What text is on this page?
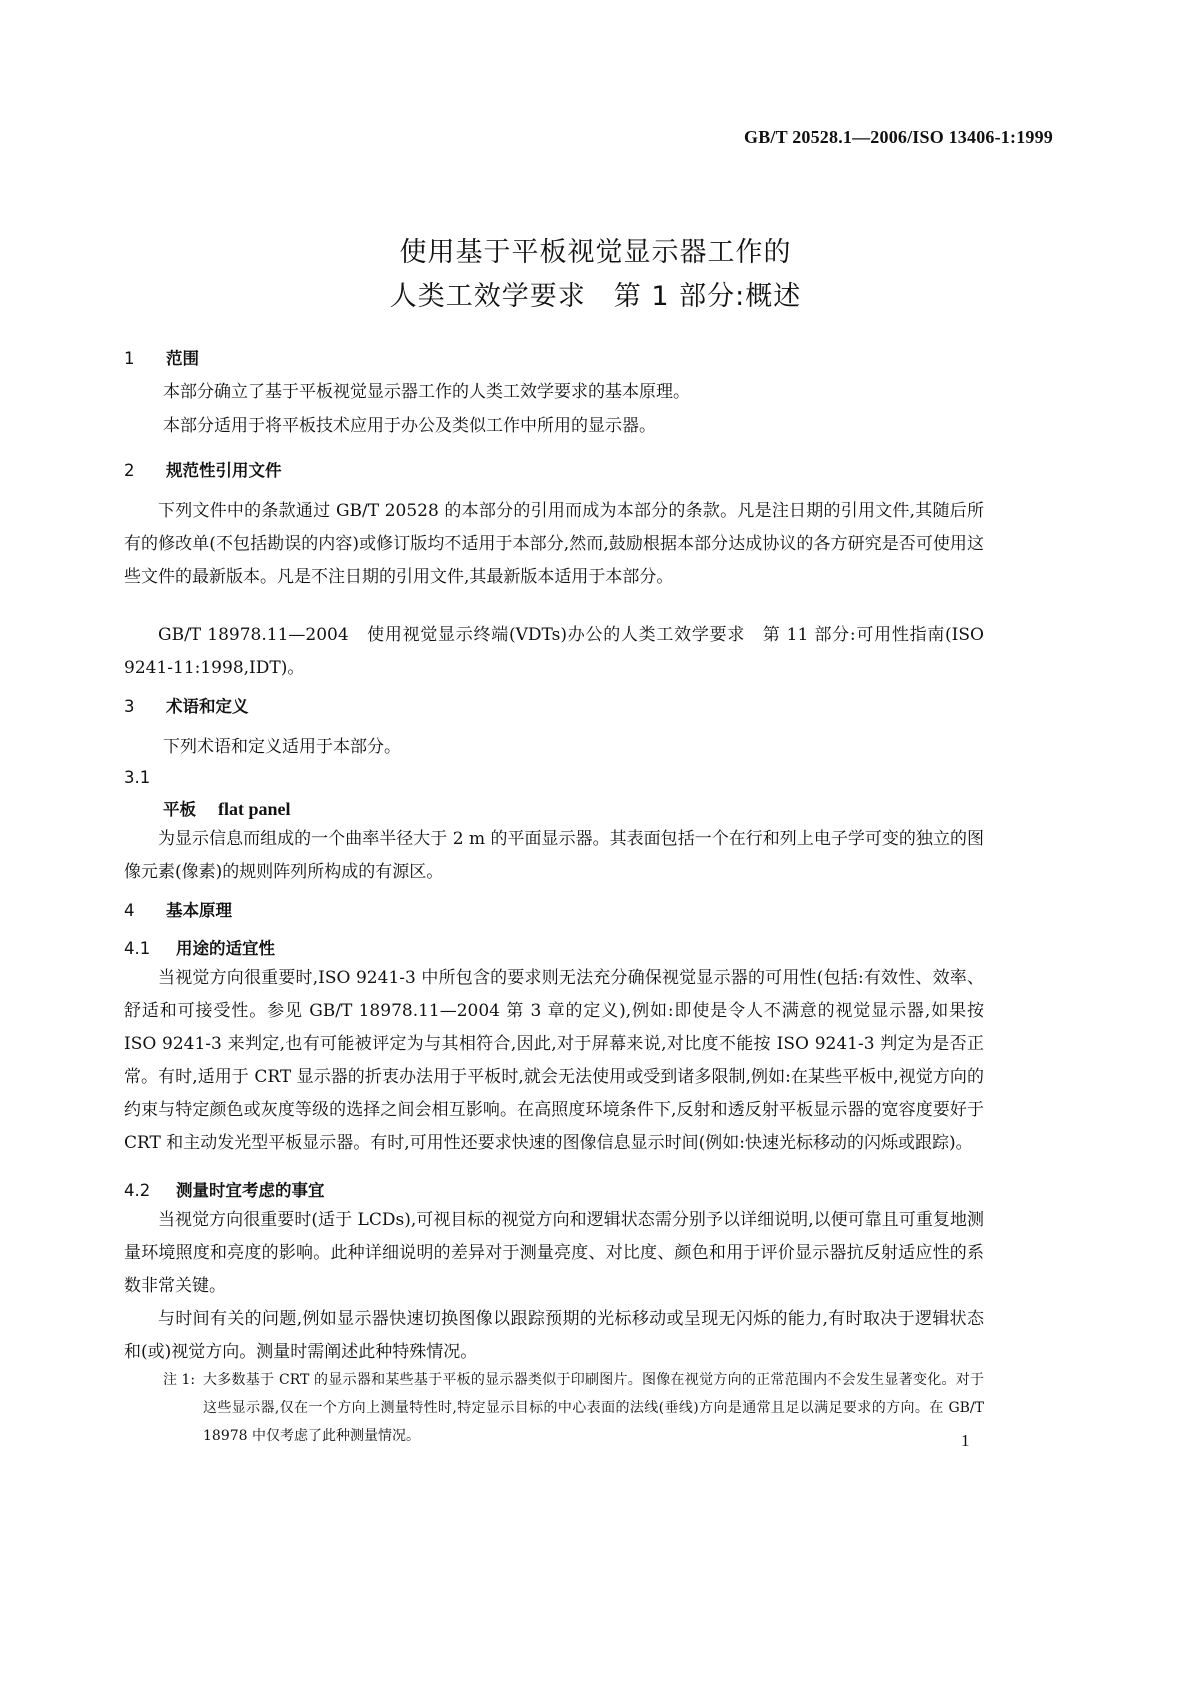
GB/T 20528.1—2006/ISO 13406-1:1999
使用基于平板视觉显示器工作的
人类工效学要求　第 1 部分:概述
1 范围
本部分确立了基于平板视觉显示器工作的人类工效学要求的基本原理。
本部分适用于将平板技术应用于办公及类似工作中所用的显示器。
2 规范性引用文件
下列文件中的条款通过 GB/T 20528 的本部分的引用而成为本部分的条款。凡是注日期的引用文件,其随后所有的修改单(不包括勘误的内容)或修订版均不适用于本部分,然而,鼓励根据本部分达成协议的各方研究是否可使用这些文件的最新版本。凡是不注日期的引用文件,其最新版本适用于本部分。
GB/T 18978.11—2004　使用视觉显示终端(VDTs)办公的人类工效学要求　第 11 部分:可用性指南(ISO 9241-11:1998,IDT)。
3 术语和定义
下列术语和定义适用于本部分。
3.1
平板 flat panel
为显示信息而组成的一个曲率半径大于 2 m 的平面显示器。其表面包括一个在行和列上电子学可变的独立的图像元素(像素)的规则阵列所构成的有源区。
4 基本原理
4.1 用途的适宜性
当视觉方向很重要时,ISO 9241-3 中所包含的要求则无法充分确保视觉显示器的可用性(包括:有效性、效率、舒适和可接受性。参见 GB/T 18978.11—2004 第 3 章的定义),例如:即使是令人不满意的视觉显示器,如果按 ISO 9241-3 来判定,也有可能被评定为与其相符合,因此,对于屏幕来说,对比度不能按 ISO 9241-3 判定为是否正常。有时,适用于 CRT 显示器的折衷办法用于平板时,就会无法使用或受到诸多限制,例如:在某些平板中,视觉方向的约束与特定颜色或灰度等级的选择之间会相互影响。在高照度环境条件下,反射和透反射平板显示器的宽容度要好于 CRT 和主动发光型平板显示器。有时,可用性还要求快速的图像信息显示时间(例如:快速光标移动的闪烁或跟踪)。
4.2 测量时宜考虑的事宜
当视觉方向很重要时(适于 LCDs),可视目标的视觉方向和逻辑状态需分别予以详细说明,以便可靠且可重复地测量环境照度和亮度的影响。此种详细说明的差异对于测量亮度、对比度、颜色和用于评价显示器抗反射适应性的系数非常关键。
与时间有关的问题,例如显示器快速切换图像以跟踪预期的光标移动或呈现无闪烁的能力,有时取决于逻辑状态和(或)视觉方向。测量时需阐述此种特殊情况。
注 1: 大多数基于 CRT 的显示器和某些基于平板的显示器类似于印刷图片。图像在视觉方向的正常范围内不会发生显著变化。对于这些显示器,仅在一个方向上测量特性时,特定显示目标的中心表面的法线(垂线)方向是通常且足以满足要求的方向。在 GB/T 18978 中仅考虑了此种测量情况。	1
